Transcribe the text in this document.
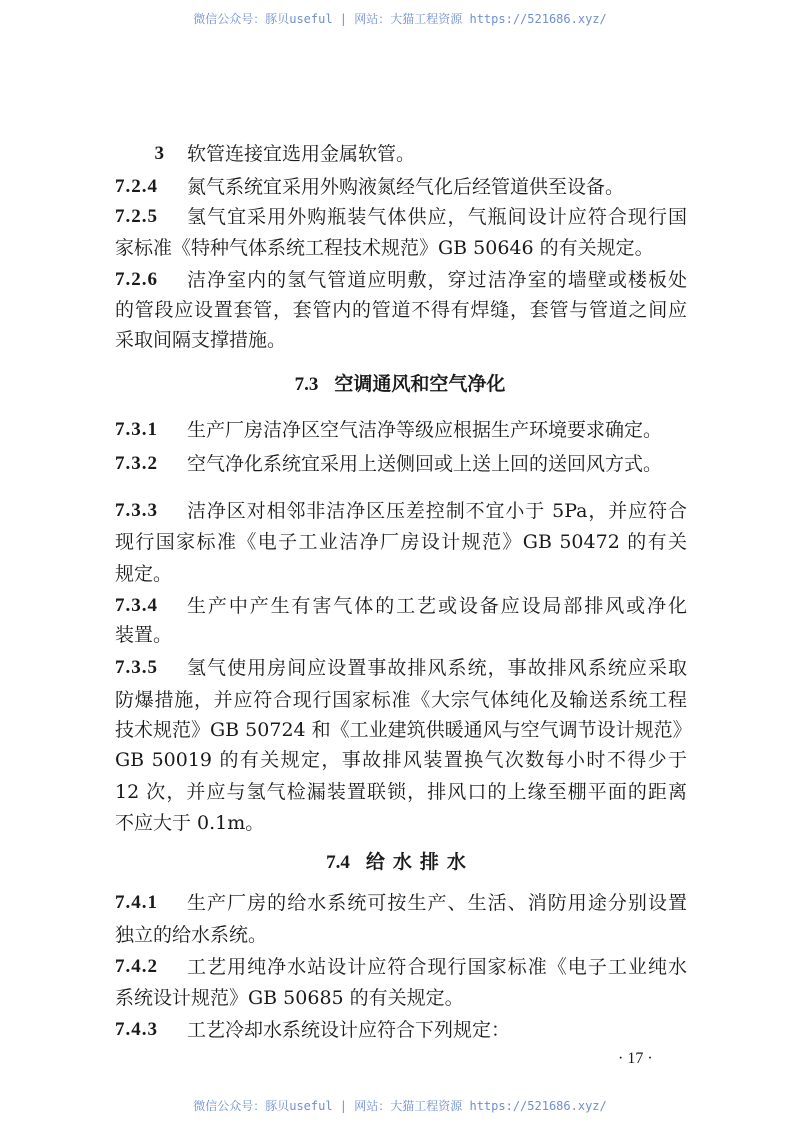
微信公众号：豚贝useful | 网站：大猫工程资源 https://521686.xyz/
3	软管连接宜选用金属软管。
7.2.4	氮气系统宜采用外购液氮经气化后经管道供至设备。
7.2.5	氢气宜采用外购瓶装气体供应，气瓶间设计应符合现行国
家标准《特种气体系统工程技术规范》GB 50646 的有关规定。
7.2.6	洁净室内的氢气管道应明敷，穿过洁净室的墙壁或楼板处
的管段应设置套管，套管内的管道不得有焊缝，套管与管道之间应
采取间隔支撑措施。
7.3 空调通风和空气净化
7.3.1	生产厂房洁净区空气洁净等级应根据生产环境要求确定。
7.3.2	空气净化系统宜采用上送侧回或上送上回的送回风方式。
7.3.3	洁净区对相邻非洁净区压差控制不宜小于 5Pa，并应符合
现行国家标准《电子工业洁净厂房设计规范》GB 50472 的有关
规定。
7.3.4	生产中产生有害气体的工艺或设备应设局部排风或净化
装置。
7.3.5	氢气使用房间应设置事故排风系统，事故排风系统应采取
防爆措施，并应符合现行国家标准《大宗气体纯化及输送系统工程
技术规范》GB 50724 和《工业建筑供暖通风与空气调节设计规范》
GB 50019 的有关规定，事故排风装置换气次数每小时不得少于
12 次，并应与氢气检漏装置联锁，排风口的上缘至棚平面的距离
不应大于 0.1m。
7.4 给水排水
7.4.1	生产厂房的给水系统可按生产、生活、消防用途分别设置
独立的给水系统。
7.4.2	工艺用纯净水站设计应符合现行国家标准《电子工业纯水
系统设计规范》GB 50685 的有关规定。
7.4.3	工艺冷却水系统设计应符合下列规定：
· 17 ·
微信公众号：豚贝useful | 网站：大猫工程资源 https://521686.xyz/
